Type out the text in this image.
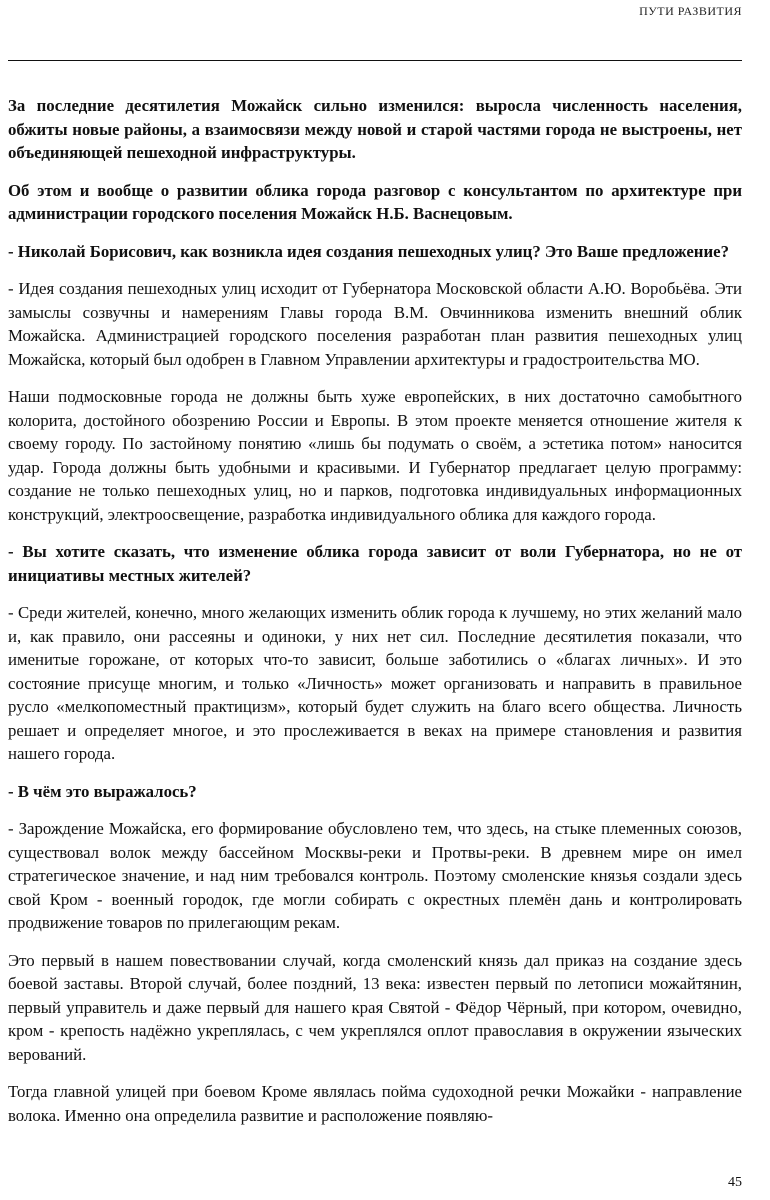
ПУТИ РАЗВИТИЯ

За последние десятилетия Можайск сильно изменился: выросла численность населения, обжиты новые районы, а взаимосвязи между новой и старой частями города не выстроены, нет объединяющей пешеходной инфраструктуры.

Об этом и вообще о развитии облика города разговор с консультантом по архитектуре при администрации городского поселения Можайск Н.Б. Васнецовым.

- Николай Борисович, как возникла идея создания пешеходных улиц? Это Ваше предложение?

- Идея создания пешеходных улиц исходит от Губернатора Московской области А.Ю. Воробьёва. Эти замыслы созвучны и намерениям Главы города В.М. Овчинникова изменить внешний облик Можайска. Администрацией городского поселения разработан план развития пешеходных улиц Можайска, который был одобрен в Главном Управлении архитектуры и градостроительства МО.

Наши подмосковные города не должны быть хуже европейских, в них достаточно самобытного колорита, достойного обозрению России и Европы. В этом проекте меняется отношение жителя к своему городу. По застойному понятию «лишь бы подумать о своём, а эстетика потом» наносится удар. Города должны быть удобными и красивыми. И Губернатор предлагает целую программу: создание не только пешеходных улиц, но и парков, подготовка индивидуальных информационных конструкций, электроосвещение, разработка индивидуального облика для каждого города.

- Вы хотите сказать, что изменение облика города зависит от воли Губернатора, но не от инициативы местных жителей?

- Среди жителей, конечно, много желающих изменить облик города к лучшему, но этих желаний мало и, как правило, они рассеяны и одиноки, у них нет сил. Последние десятилетия показали, что именитые горожане, от которых что-то зависит, больше заботились о «благах личных». И это состояние присуще многим, и только «Личность» может организовать и направить в правильное русло «мелкопоместный практицизм», который будет служить на благо всего общества. Личность решает и определяет многое, и это прослеживается в веках на примере становления и развития нашего города.

- В чём это выражалось?

- Зарождение Можайска, его формирование обусловлено тем, что здесь, на стыке племенных союзов, существовал волок между бассейном Москвы-реки и Протвы-реки. В древнем мире он имел стратегическое значение, и над ним требовался контроль. Поэтому смоленские князья создали здесь свой Кром - военный городок, где могли собирать с окрестных племён дань и контролировать продвижение товаров по прилегающим рекам.

Это первый в нашем повествовании случай, когда смоленский князь дал приказ на создание здесь боевой заставы. Второй случай, более поздний, 13 века: известен первый по летописи можайтянин, первый управитель и даже первый для нашего края Святой - Фёдор Чёрный, при котором, очевидно, кром - крепость надёжно укреплялась, с чем укреплялся оплот православия в окружении языческих верований.

Тогда главной улицей при боевом Кроме являлась пойма судоходной речки Можайки - направление волока. Именно она определила развитие и расположение появляю-

45
